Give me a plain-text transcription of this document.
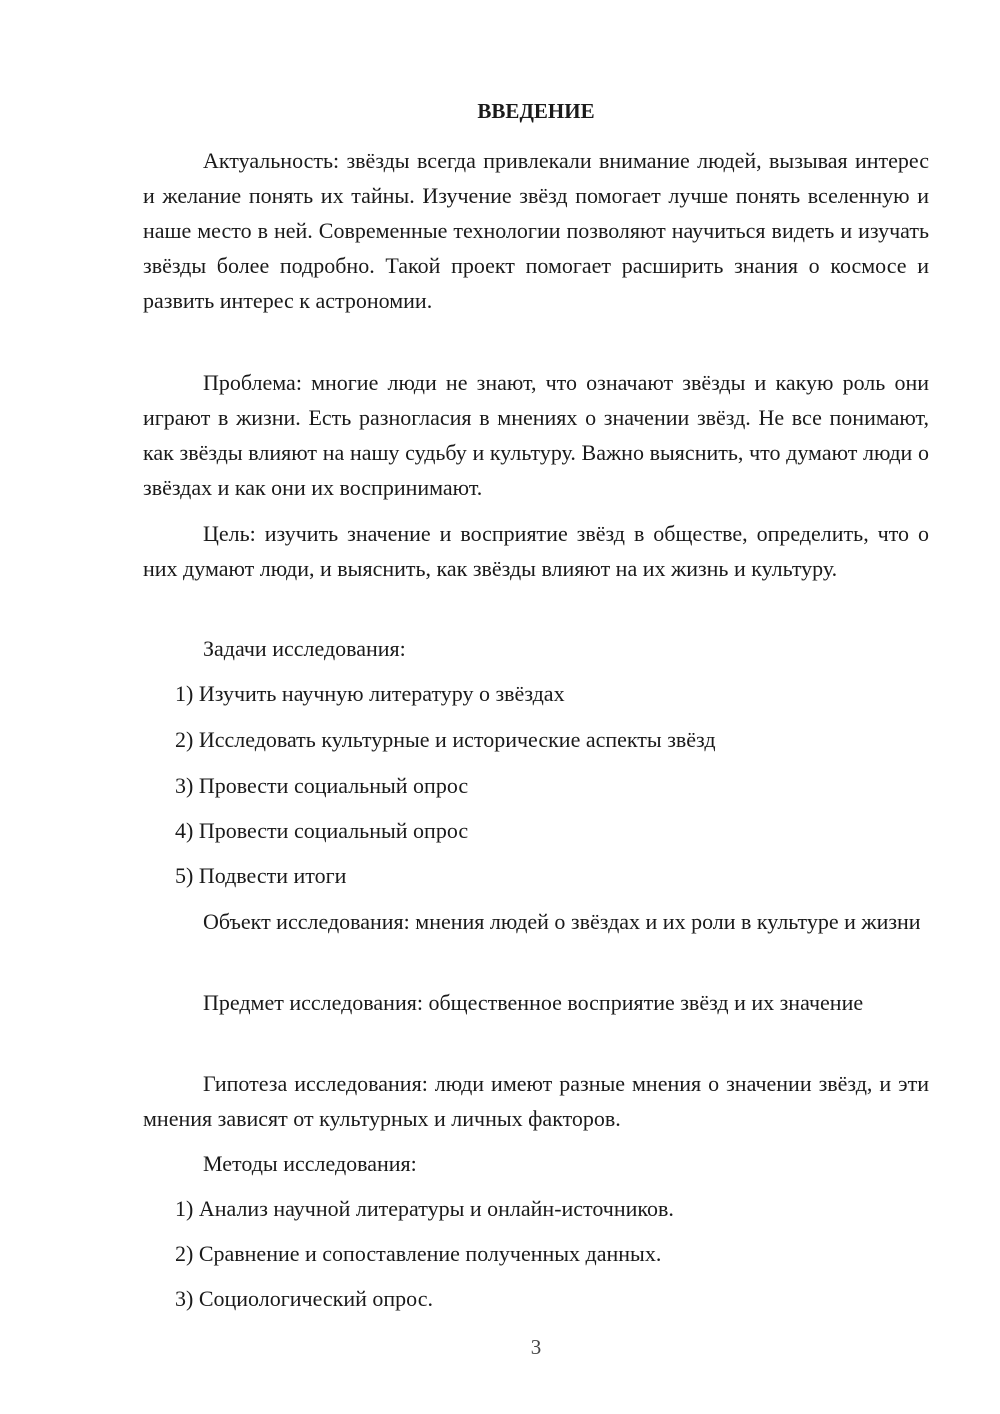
ВВЕДЕНИЕ

Актуальность: звёзды всегда привлекали внимание людей, вызывая интерес и желание понять их тайны. Изучение звёзд помогает лучше понять вселенную и наше место в ней. Современные технологии позволяют научиться видеть и изучать звёзды более подробно. Такой проект помогает расширить знания о космосе и развить интерес к астрономии.

Проблема: многие люди не знают, что означают звёзды и какую роль они играют в жизни. Есть разногласия в мнениях о значении звёзд. Не все понимают, как звёзды влияют на нашу судьбу и культуру. Важно выяснить, что думают люди о звёздах и как они их воспринимают.

Цель: изучить значение и восприятие звёзд в обществе, определить, что о них думают люди, и выяснить, как звёзды влияют на их жизнь и культуру.

Задачи исследования:

1) Изучить научную литературу о звёздах

2) Исследовать культурные и исторические аспекты звёзд

3) Провести социальный опрос

4) Провести социальный опрос

5) Подвести итоги

Объект исследования: мнения людей о звёздах и их роли в культуре и жизни

Предмет исследования: общественное восприятие звёзд и их значение

Гипотеза исследования: люди имеют разные мнения о значении звёзд, и эти мнения зависят от культурных и личных факторов.

Методы исследования:

1) Анализ научной литературы и онлайн-источников.

2) Сравнение и сопоставление полученных данных.

3) Социологический опрос.

3
